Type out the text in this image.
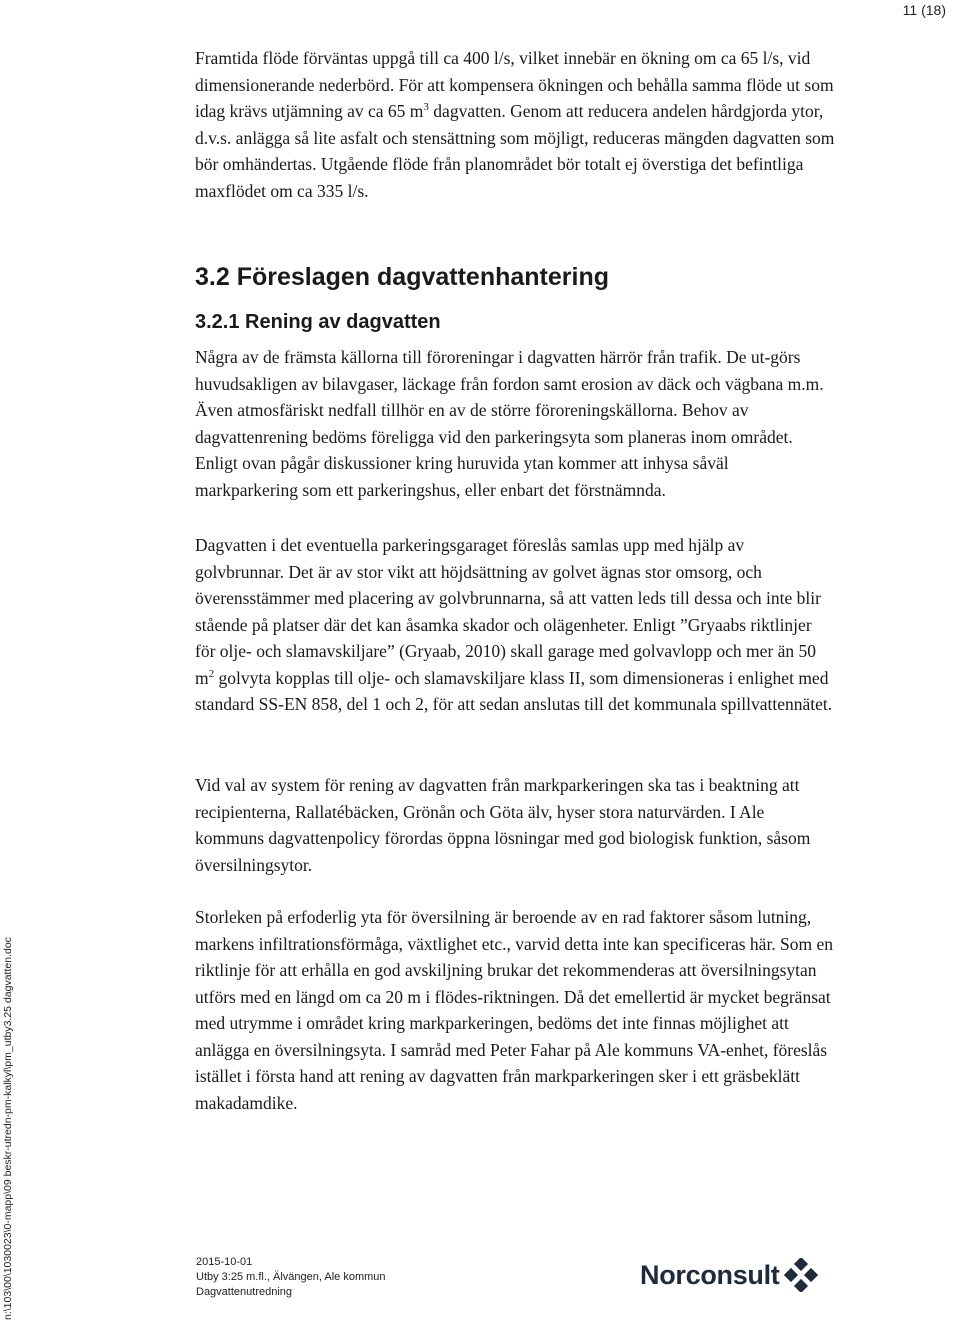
11 (18)

Framtida flöde förväntas uppgå till ca 400 l/s, vilket innebär en ökning om ca 65 l/s, vid dimensionerande nederbörd. För att kompensera ökningen och behålla samma flöde ut som idag krävs utjämning av ca 65 $m^3$ dagvatten. Genom att reducera andelen hårdgjorda ytor, d.v.s. anlägga så lite asfalt och stensättning som möjligt, reduceras mängden dagvatten som bör omhändertas. Utgående flöde från planområdet bör totalt ej överstiga det befintliga maxflödet om ca 335 l/s.

3.2 Föreslagen dagvattenhantering
3.2.1 Rening av dagvatten

Några av de främsta källorna till föroreningar i dagvatten härrör från trafik. De ut-görs huvudsakligen av bilavgaser, läckage från fordon samt erosion av däck och vägbana m.m. Även atmosfäriskt nedfall tillhör en av de större föroreningskällorna. Behov av dagvattenrening bedöms föreligga vid den parkeringsyta som planeras inom området. Enligt ovan pågår diskussioner kring huruvida ytan kommer att inhysa såväl markparkering som ett parkeringshus, eller enbart det förstnämnda.

Dagvatten i det eventuella parkeringsgaraget föreslås samlas upp med hjälp av golvbrunnar. Det är av stor vikt att höjdsättning av golvet ägnas stor omsorg, och överensstämmer med placering av golvbrunnarna, så att vatten leds till dessa och inte blir stående på platser där det kan åsamka skador och olägenheter. Enligt ”Gryaabs riktlinjer för olje- och slamavskiljare” (Gryaab, 2010) skall garage med golvavlopp och mer än 50 $m^2$ golvyta kopplas till olje- och slamavskiljare klass II, som dimensioneras i enlighet med standard SS-EN 858, del 1 och 2, för att sedan anslutas till det kommunala spillvattennätet.

Vid val av system för rening av dagvatten från markparkeringen ska tas i beaktning att recipienterna, Rallatébäcken, Grönån och Göta älv, hyser stora naturvärden. I Ale kommuns dagvattenpolicy förordas öppna lösningar med god biologisk funktion, såsom översilningsytor.

Storleken på erfoderlig yta för översilning är beroende av en rad faktorer såsom lutning, markens infiltrationsförmåga, växtlighet etc., varvid detta inte kan specificeras här. Som en riktlinje för att erhålla en god avskiljning brukar det rekommenderas att översilningsytan utförs med en längd om ca 20 m i flödes-riktningen. Då det emellertid är mycket begränsat med utrymme i området kring markparkeringen, bedöms det inte finnas möjlighet att anlägga en översilningsyta. I samråd med Peter Fahar på Ale kommuns VA-enhet, föreslås istället i första hand att rening av dagvatten från markparkeringen sker i ett gräsbeklätt makadamdike.

n:\103\00\1030023\0-mapp\09 beskr-utredn-pm-kalkyl\pm_utby3.25 dagvatten.doc	2015-10-01
Utby 3:25 m.fl., Älvängen, Ale kommun
Dagvattenutredning
Norconsult
